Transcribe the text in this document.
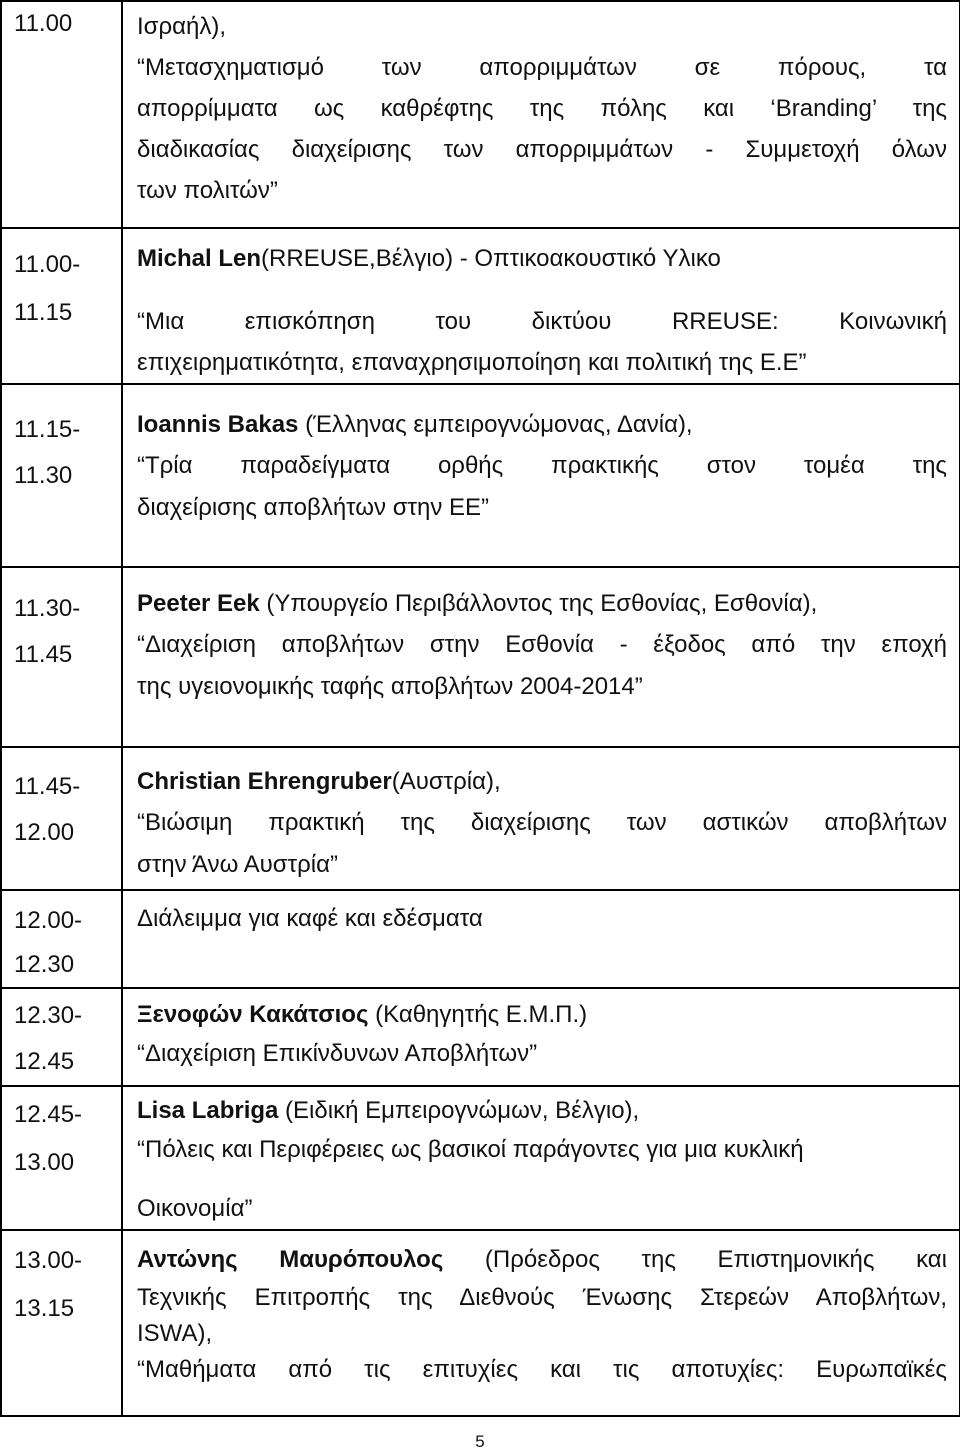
11.00	Ισραήλ),
“Μετασχηματισμό των απορριμμάτων σε πόρους, τα
απορρίμματα ως καθρέφτης της πόλης και ‘Branding’ της
διαδικασίας διαχείρισης των απορριμμάτων - Συμμετοχή όλων
των πολιτών”

11.00-
11.15	Michal Len(RREUSE,Βέλγιο) - Οπτικοακουστικό Υλικο
“Μια επισκόπηση του δικτύου RREUSE: Κοινωνική
επιχειρηματικότητα, επαναχρησιμοποίηση και πολιτική της Ε.Ε”

11.15-
11.30	Ioannis Bakas (Έλληνας εμπειρογνώμονας, Δανία),
“Τρία παραδείγματα ορθής πρακτικής στον τομέα της
διαχείρισης αποβλήτων στην ΕΕ”

11.30-
11.45	Peeter Eek (Υπουργείο Περιβάλλοντος της Εσθονίας, Εσθονία),
“Διαχείριση αποβλήτων στην Εσθονία - έξοδος από την εποχή
της υγειονομικής ταφής αποβλήτων 2004-2014”

11.45-
12.00	Christian Ehrengruber(Αυστρία),
“Βιώσιμη πρακτική της διαχείρισης των αστικών αποβλήτων
στην Άνω Αυστρία”

12.00-
12.30	Διάλειμμα για καφέ και εδέσματα

12.30-
12.45	Ξενοφών Κακάτσιος (Καθηγητής Ε.Μ.Π.)
“Διαχείριση Επικίνδυνων Αποβλήτων”

12.45-
13.00	Lisa Labriga (Ειδική Εμπειρογνώμων, Βέλγιο),
“Πόλεις και Περιφέρειες ως βασικοί παράγοντες για μια κυκλική
Οικονομία”

13.00-
13.15	Αντώνης Μαυρόπουλος (Πρόεδρος της Επιστημονικής και
Τεχνικής Επιτροπής της Διεθνούς Ένωσης Στερεών Αποβλήτων,
ISWA),
“Μαθήματα από τις επιτυχίες και τις αποτυχίες: Ευρωπαϊκές
5
